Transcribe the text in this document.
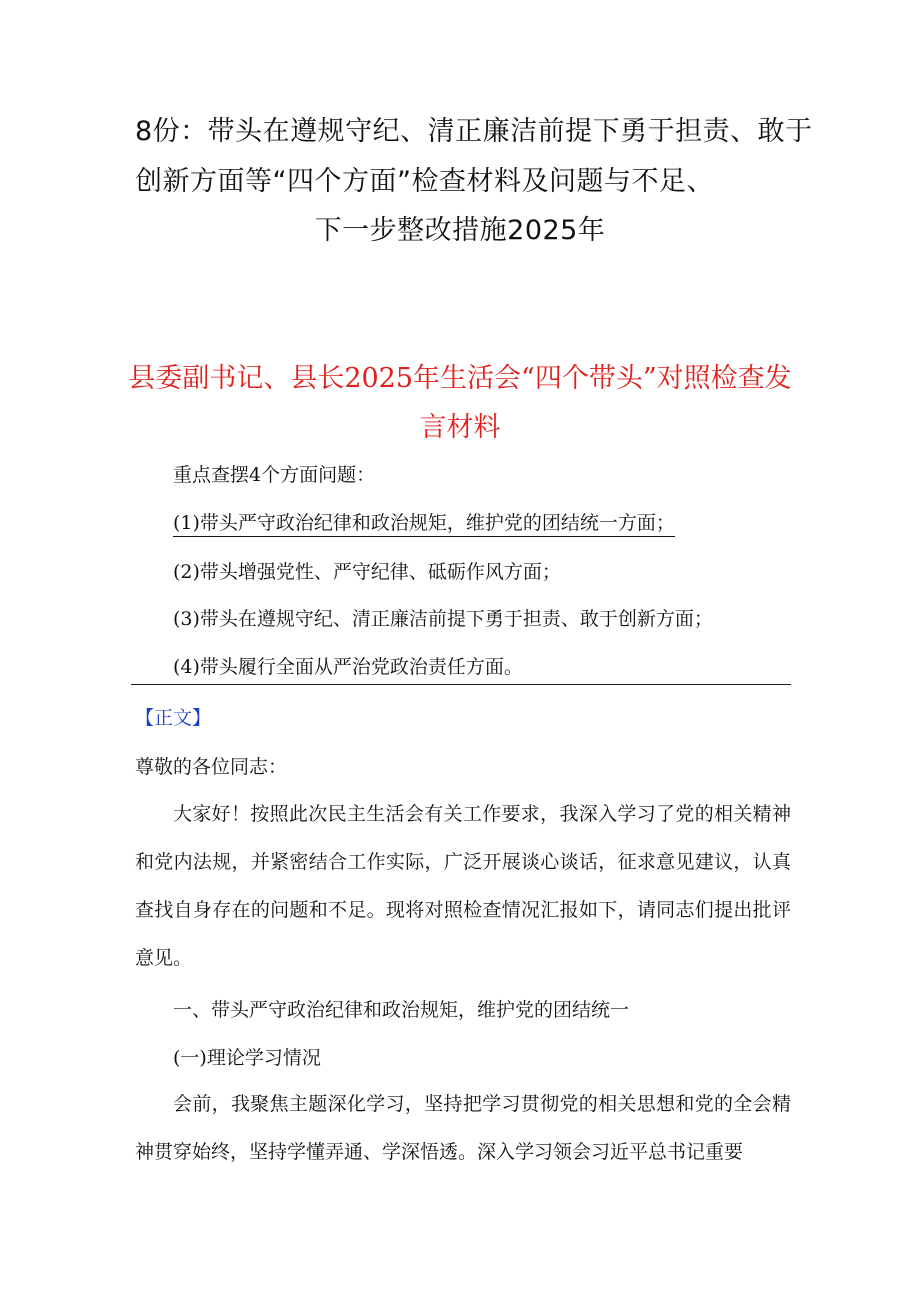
8份：带头在遵规守纪、清正廉洁前提下勇于担责、敢于
创新方面等“四个方面”检查材料及问题与不足、
下一步整改措施2025年
县委副书记、县长2025年生活会“四个带头”对照检查发
言材料
重点查摆4个方面问题：
(1)带头严守政治纪律和政治规矩，维护党的团结统一方面；
(2)带头增强党性、严守纪律、砥砺作风方面；
(3)带头在遵规守纪、清正廉洁前提下勇于担责、敢于创新方面；
(4)带头履行全面从严治党政治责任方面。
【正文】
尊敬的各位同志：
大家好！按照此次民主生活会有关工作要求，我深入学习了党的相关精神和党内法规，并紧密结合工作实际，广泛开展谈心谈话，征求意见建议，认真查找自身存在的问题和不足。现将对照检查情况汇报如下，请同志们提出批评意见。
一、带头严守政治纪律和政治规矩，维护党的团结统一
(一)理论学习情况
会前，我聚焦主题深化学习，坚持把学习贯彻党的相关思想和党的全会精神贯穿始终，坚持学懂弄通、学深悟透。深入学习领会习近平总书记重要
